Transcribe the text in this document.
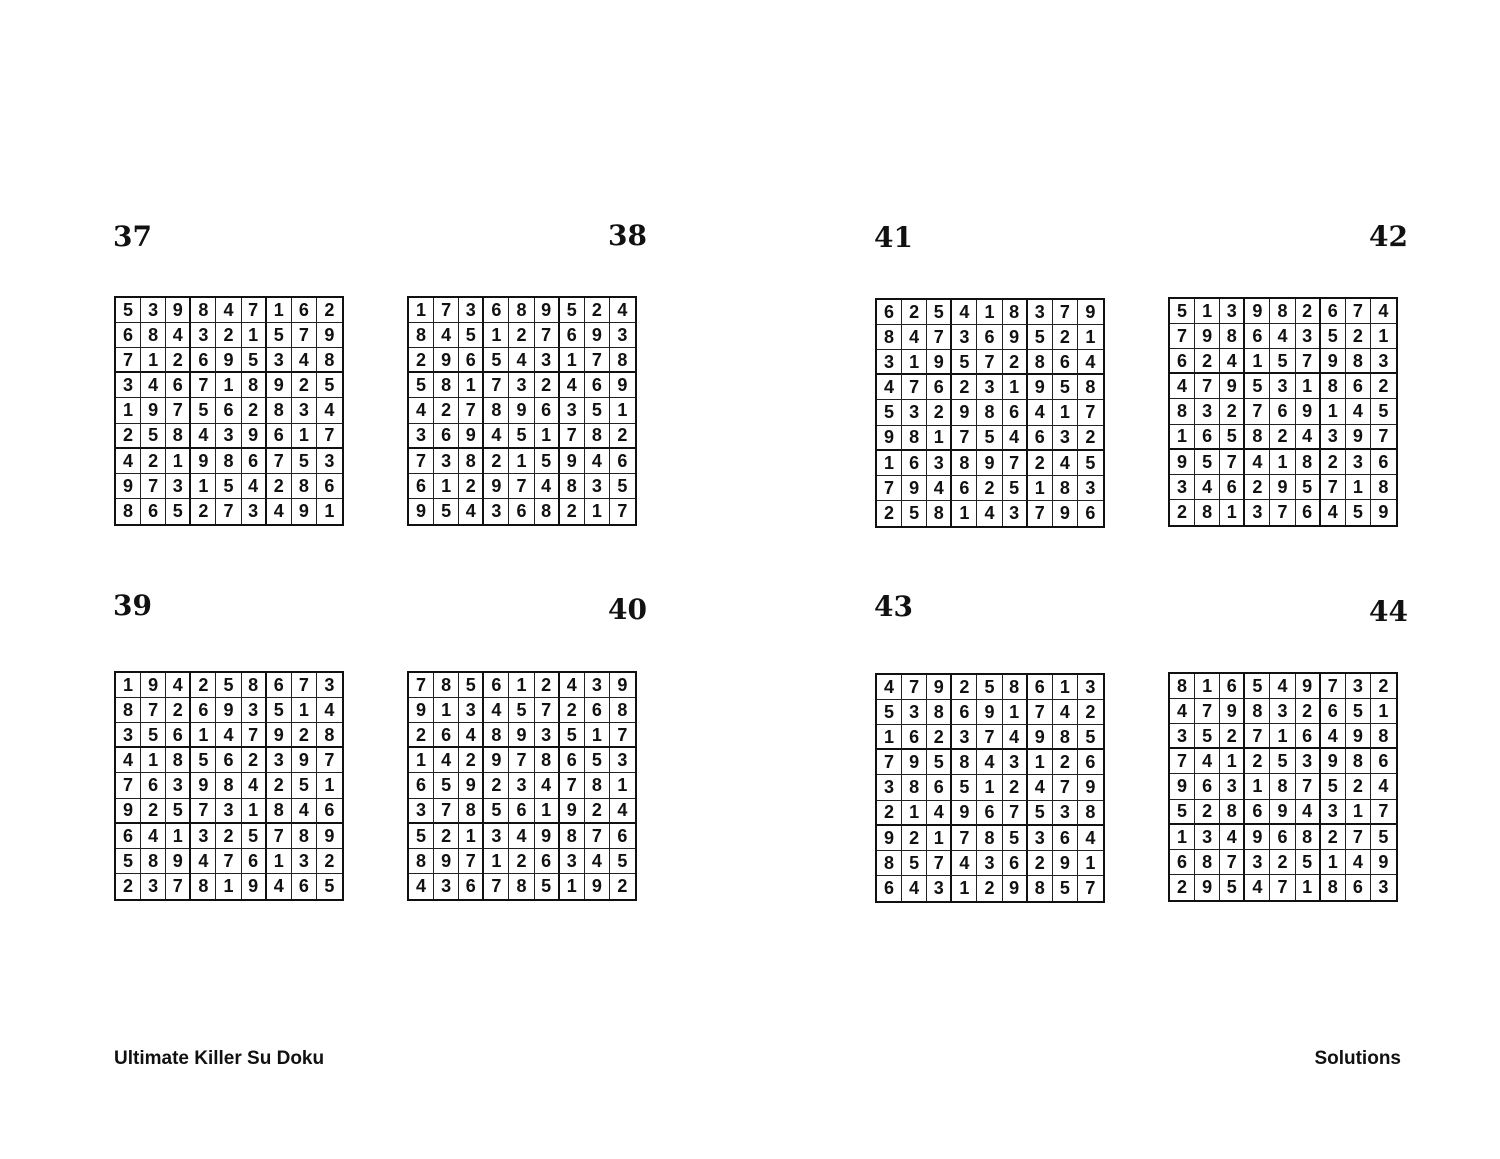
37
5 3 9 8 4 7 1 6 2
6 8 4 3 2 1 5 7 9
7 1 2 6 9 5 3 4 8
3 4 6 7 1 8 9 2 5
1 9 7 5 6 2 8 3 4
2 5 8 4 3 9 6 1 7
4 2 1 9 8 6 7 5 3
9 7 3 1 5 4 2 8 6
8 6 5 2 7 3 4 9 1
38
1 7 3 6 8 9 5 2 4
8 4 5 1 2 7 6 9 3
2 9 6 5 4 3 1 7 8
5 8 1 7 3 2 4 6 9
4 2 7 8 9 6 3 5 1
3 6 9 4 5 1 7 8 2
7 3 8 2 1 5 9 4 6
6 1 2 9 7 4 8 3 5
9 5 4 3 6 8 2 1 7
39
1 9 4 2 5 8 6 7 3
8 7 2 6 9 3 5 1 4
3 5 6 1 4 7 9 2 8
4 1 8 5 6 2 3 9 7
7 6 3 9 8 4 2 5 1
9 2 5 7 3 1 8 4 6
6 4 1 3 2 5 7 8 9
5 8 9 4 7 6 1 3 2
2 3 7 8 1 9 4 6 5
40
7 8 5 6 1 2 4 3 9
9 1 3 4 5 7 2 6 8
2 6 4 8 9 3 5 1 7
1 4 2 9 7 8 6 5 3
6 5 9 2 3 4 7 8 1
3 7 8 5 6 1 9 2 4
5 2 1 3 4 9 8 7 6
8 9 7 1 2 6 3 4 5
4 3 6 7 8 5 1 9 2
41
6 2 5 4 1 8 3 7 9
8 4 7 3 6 9 5 2 1
3 1 9 5 7 2 8 6 4
4 7 6 2 3 1 9 5 8
5 3 2 9 8 6 4 1 7
9 8 1 7 5 4 6 3 2
1 6 3 8 9 7 2 4 5
7 9 4 6 2 5 1 8 3
2 5 8 1 4 3 7 9 6
42
5 1 3 9 8 2 6 7 4
7 9 8 6 4 3 5 2 1
6 2 4 1 5 7 9 8 3
4 7 9 5 3 1 8 6 2
8 3 2 7 6 9 1 4 5
1 6 5 8 2 4 3 9 7
9 5 7 4 1 8 2 3 6
3 4 6 2 9 5 7 1 8
2 8 1 3 7 6 4 5 9
43
4 7 9 2 5 8 6 1 3
5 3 8 6 9 1 7 4 2
1 6 2 3 7 4 9 8 5
7 9 5 8 4 3 1 2 6
3 8 6 5 1 2 4 7 9
2 1 4 9 6 7 5 3 8
9 2 1 7 8 5 3 6 4
8 5 7 4 3 6 2 9 1
6 4 3 1 2 9 8 5 7
44
8 1 6 5 4 9 7 3 2
4 7 9 8 3 2 6 5 1
3 5 2 7 1 6 4 9 8
7 4 1 2 5 3 9 8 6
9 6 3 1 8 7 5 2 4
5 2 8 6 9 4 3 1 7
1 3 4 9 6 8 2 7 5
6 8 7 3 2 5 1 4 9
2 9 5 4 7 1 8 6 3
Ultimate Killer Su Doku	Solutions
